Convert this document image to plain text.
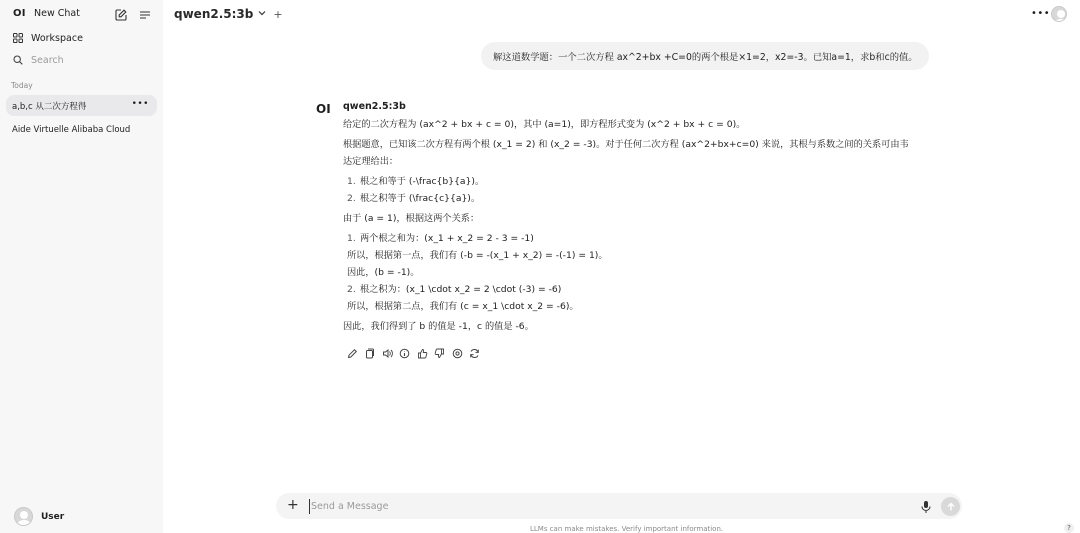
OI New Chat
Workspace
Search
Today
a,b,c 从二次方程得	•••
Aide Virtuelle Alibaba Cloud
User
qwen2.5:3b +	•••
解这道数学题：一个二次方程 ax^2+bx +C=0的两个根是×1=2，x2=-3。已知a=1，求b和c的值。
OI qwen2.5:3b

给定的二次方程为 (ax^2 + bx + c = 0)，其中 (a=1)，即方程形式变为 (x^2 + bx + c = 0)。

根据题意，已知该二次方程有两个根 (x_1 = 2) 和 (x_2 = -3)。对于任何二次方程 (ax^2+bx+c=0) 来说，其根与系数之间的关系可由韦

达定理给出：

1. 根之和等于 (-\frac{b}{a})。

2. 根之积等于 (\frac{c}{a})。

由于 (a = 1)，根据这两个关系：

1. 两个根之和为：(x_1 + x_2 = 2 - 3 = -1)

所以，根据第一点，我们有 (-b = -(x_1 + x_2) = -(-1) = 1)。

因此，(b = -1)。

2. 根之积为：(x_1 \cdot x_2 = 2 \cdot (-3) = -6)

所以，根据第二点，我们有 (c = x_1 \cdot x_2 = -6)。

因此，我们得到了 b 的值是 -1，c 的值是 -6。

+
Send a Message
LLMs can make mistakes. Verify important information.	?
